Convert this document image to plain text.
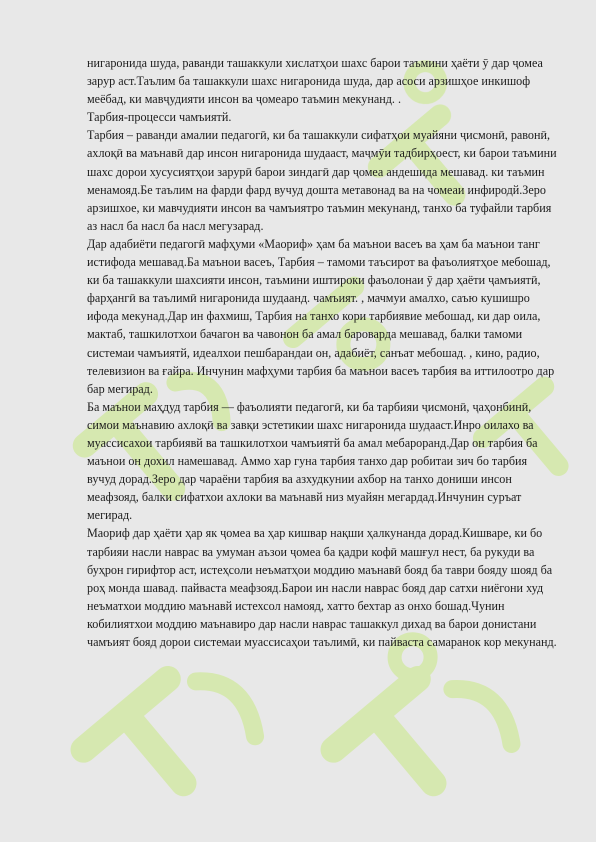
нигаронида шуда, раванди ташаккули хислатҳои шахс барои таъмини ҳаёти ӯ дар ҷомеа зарур аст.Таълим ба ташаккули шахс нигаронида шуда, дар асоси арзишҳое инкишоф меёбад, ки мавҷудияти инсон ва ҷомеаро таъмин мекунанд. .

Тарбия-процесси чамъиятй.

Тарбия – раванди амалии педагогӣ, ки ба ташаккули сифатҳои муайяни ҷисмонӣ, равонӣ, ахлоқӣ ва маънавӣ дар инсон нигаронида шудааст, маҷмӯи тадбирҳоест, ки барои таъмини шахс дорои хусусиятҳои зарурӣ барои зиндагӣ дар ҷомеа андешида мешавад. ки таъмин менамояд.Бе таълим на фарди фард вучуд дошта метавонад ва на чомеаи инфиродй.Зеро арзишхое, ки мавчудияти инсон ва чамъиятро таъмин мекунанд, танхо ба туфайли тарбия аз насл ба насл ба насл мегузарад.

Дар адабиёти педагогӣ мафҳуми «Маориф» ҳам ба маънои васеъ ва ҳам ба маънои танг истифода мешавад.Ба маънои васеъ, Тарбия – тамоми таъсирот ва фаъолиятҳое мебошад, ки ба ташаккули шахсияти инсон, таъмини иштироки фаъолонаи ӯ дар ҳаёти ҷамъиятӣ, фарҳангӣ ва таълимӣ нигаронида шудаанд. чамъият. , мачмуи амалхо, саъю кушишро ифода мекунад.Дар ин фахмиш, Тарбия на танхо кори тарбиявие мебошад, ки дар оила, мактаб, ташкилотхои бачагон ва чавонон ба амал бароварда мешавад, балки тамоми системаи чамъиятй, идеалхои пешбарандаи он, адабиёт, санъат мебошад. , кино, радио, телевизион ва ғайра. Инчунин мафҳуми тарбия ба маънои васеъ тарбия ва иттилоотро дар бар мегирад.

Ба маънои маҳдуд тарбия — фаъолияти педагогӣ, ки ба тарбияи ҷисмонӣ, ҷаҳонбинӣ, симои маънавию ахлоқӣ ва завқи эстетикии шахс нигаронида шудааст.Инро оилахо ва муассисахои тарбиявй ва ташкилотхои чамъиятй ба амал мебароранд.Дар он тарбия ба маънои он дохил намешавад. Аммо хар гуна тарбия танхо дар робитаи зич бо тарбия вучуд дорад.Зеро дар чараёни тарбия ва азхудкунии ахбор на танхо дониши инсон меафзояд, балки сифатхои ахлоки ва маънавй низ муайян мегардад.Инчунин суръат мегирад.

Маориф дар ҳаёти ҳар як ҷомеа ва ҳар кишвар нақши ҳалкунанда дорад.Кишваре, ки бо тарбияи насли наврас ва умуман аъзои ҷомеа ба қадри кофӣ машғул нест, ба рукуди ва буҳрон гирифтор аст, истеҳсоли неъматҳои моддию маънавӣ бояд ба таври бояду шояд ба роҳ монда шавад. пайваста меафзояд.Барои ин насли наврас бояд дар сатхи ниёгони худ неъматхои моддию маънавй истехсол намояд, хатто бехтар аз онхо бошад.Чунин кобилиятхои моддию маънавиро дар насли наврас ташаккул дихад ва барои донистани чамъият бояд дорои системаи муассисаҳои таълимӣ, ки пайваста самаранок кор мекунанд.
